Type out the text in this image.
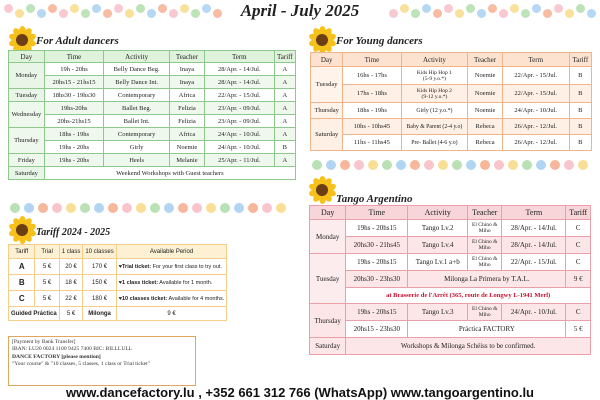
April - July 2025
For Adult dancers
Day	Time	Activity	Teacher	Term	Tariff
Monday	19h - 20hs	Belly Dance Beg.	Inaya	28/Apr. - 14/Jul.	A
	20hs15 - 21hs15	Belly Dance Int.	Inaya	28/Apr. - 14/Jul.	A
Tuesday	18hs30 - 19hs30	Contemporary	Africa	22/Apr. - 15/Jul.	A
Wednesday	19hs-20hs	Ballet Beg.	Felizia	23/Apr. - 09/Jul.	A
	20hs-21hs15	Ballet Int.	Felizia	23/Apr. - 09/Jul.	A
Thursday	18hs - 19hs	Contemporary	Africa	24/Apr. - 10/Jul.	A
	19hs - 20hs	Girly	Noemie	24/Apr. - 10/Jul.	B
Friday	19hs - 20hs	Heels	Melanie	25/Apr. - 11/Jul.	A
Saturday	Weekend Workshops with Guest teachers				
Tariff 2024 - 2025
Tariff	Trial	1 class	10 classes	Available Period
A	5 €	20 €	170 €	♥Trial ticket: For your first class to try out.
B	5 €	18 €	150 €	♥1 class ticket: Available for 1 month.
C	5 €	22 €	180 €	♥10 classes ticket: Available for 4 months.
Guided Práctica		5 €	Milonga	9 €
[Payment by Bank Transfer]
IBAN: LU20 0024 1100 9425 7400 BIC: BILLLULL
DANCE FACTORY [please mention]
"Your course" & "10 classes, 5 classes, 1 class or Trial ticket"
For Young dancers
Day	Time	Activity	Teacher	Term	Tariff
Tuesday	16hs - 17hs	Kids Hip Hop 1
(5-9 y.o.*)	Noemie	22/Apr. - 15/Jul.	B
	17hs - 18hs	Kids Hip Hop 2
(9-12 y.o.*)	Noemie	22/Apr. - 15/Jul.	B
Thursday	18hs - 19hs	Girly (12 y.o.*)	Noemie	24/Apr. - 10/Jul.	B
Saturday	10hs - 10hs45	Baby & Parent (2-4 y.o)	Rebeca	26/Apr. - 12/Jul.	B
	11hs - 11hs45	Pre- Ballet (4-6 y.o)	Rebeca	26/Apr. - 12/Jul.	B
Tango Argentino
Day	Time	Activity	Teacher	Term	Tariff
Monday	19hs - 20hs15	Tango Lv.2	El Chino & Miho	28/Apr. - 14/Jul.	C
	20hs30 - 21hs45	Tango Lv.4	El Chino & Miho	28/Apr. - 14/Jul.	C
Tuesday	19hs - 20hs15	Tango Lv.1 a+b	El Chino & Miho	22/Apr. - 15/Jul.	C
	20hs30 - 23hs30	Milonga La Primera by T.A.L.			9 €
	at Brasserie de l'Arrêt (365, route de Longwy L-1941 Merl)				
Thursday	19hs - 20hs15	Tango Lv.3	El Chino & Miho	24/Apr. - 10/Jul.	C
	20hs15 - 23hs30	Práctica FACTORY			5 €
Saturday	Workshops & Milonga Schéiss to be confirmed.				
www.dancefactory.lu , +352 661 312 766 (WhatsApp) www.tangoargentino.lu
